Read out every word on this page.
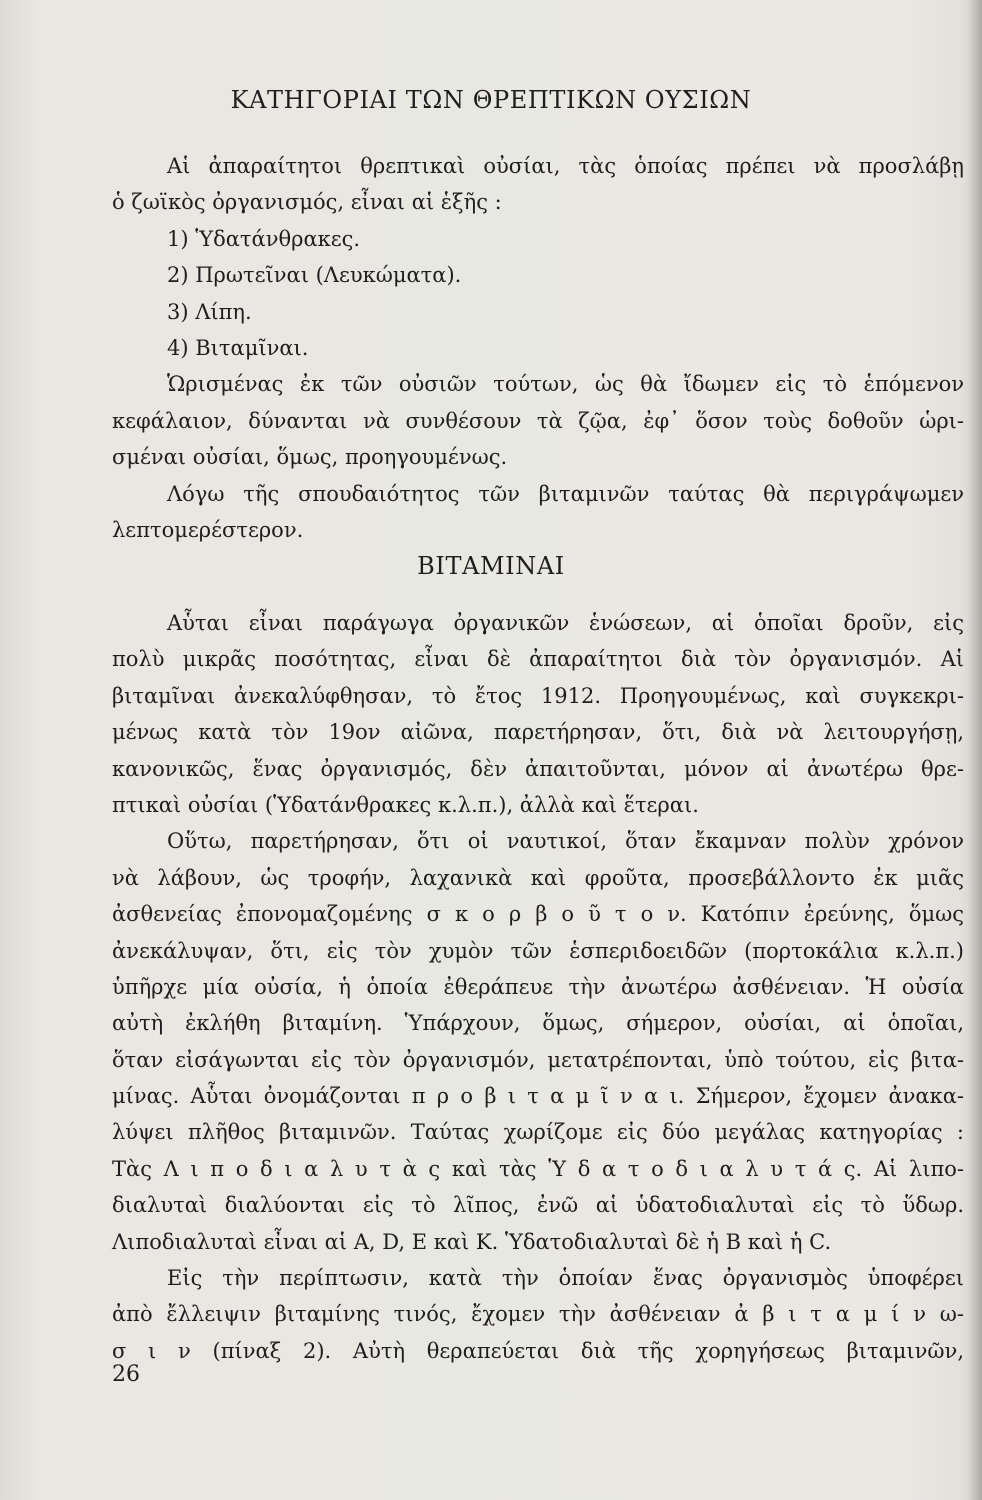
ΚΑΤΗΓΟΡΙΑΙ ΤΩΝ ΘΡΕΠΤΙΚΩΝ ΟΥΣΙΩΝ
Αἱ ἀπαραίτητοι θρεπτικαὶ οὐσίαι, τὰς ὁποίας πρέπει νὰ προσλάβῃ
ὁ ζωϊκὸς ὀργανισμός, εἶναι αἱ ἑξῆς :
1) Ὑδατάνθρακες.
2) Πρωτεῖναι (Λευκώματα).
3) Λίπη.
4) Βιταμῖναι.
Ὡρισμένας ἐκ τῶν οὐσιῶν τούτων, ὡς θὰ ἴδωμεν εἰς τὸ ἑπόμενον
κεφάλαιον, δύνανται νὰ συνθέσουν τὰ ζῷα, ἐφ᾽ ὅσον τοὺς δοθοῦν ὡρι-
σμέναι οὐσίαι, ὅμως, προηγουμένως.
Λόγω τῆς σπουδαιότητος τῶν βιταμινῶν ταύτας θὰ περιγράψωμεν
λεπτομερέστερον.
ΒΙΤΑΜΙΝΑΙ
Αὗται εἶναι παράγωγα ὀργανικῶν ἑνώσεων, αἱ ὁποῖαι δροῦν, εἰς
πολὺ μικρᾶς ποσότητας, εἶναι δὲ ἀπαραίτητοι διὰ τὸν ὀργανισμόν. Αἱ
βιταμῖναι ἀνεκαλύφθησαν, τὸ ἔτος 1912. Προηγουμένως, καὶ συγκεκρι-
μένως κατὰ τὸν 19ον αἰῶνα, παρετήρησαν, ὅτι, διὰ νὰ λειτουργήσῃ,
κανονικῶς, ἕνας ὀργανισμός, δὲν ἀπαιτοῦνται, μόνον αἱ ἀνωτέρω θρε-
πτικαὶ οὐσίαι (Ὑδατάνθρακες κ.λ.π.), ἀλλὰ καὶ ἕτεραι.
Οὕτω, παρετήρησαν, ὅτι οἱ ναυτικοί, ὅταν ἔκαμναν πολὺν χρόνον
νὰ λάβουν, ὡς τροφήν, λαχανικὰ καὶ φροῦτα, προσεβάλλοντο ἐκ μιᾶς
ἀσθενείας ἐπονομαζομένης σ κ ο ρ β ο ῦ τ ο ν. Κατόπιν ἐρεύνης, ὅμως
ἀνεκάλυψαν, ὅτι, εἰς τὸν χυμὸν τῶν ἑσπεριδοειδῶν (πορτοκάλια κ.λ.π.)
ὑπῆρχε μία οὐσία, ἡ ὁποία ἐθεράπευε τὴν ἀνωτέρω ἀσθένειαν. Ἡ οὐσία
αὐτὴ ἐκλήθη βιταμίνη. Ὑπάρχουν, ὅμως, σήμερον, οὐσίαι, αἱ ὁποῖαι,
ὅταν εἰσάγωνται εἰς τὸν ὀργανισμόν, μετατρέπονται, ὑπὸ τούτου, εἰς βιτα-
μίνας. Αὗται ὀνομάζονται π ρ ο β ι τ α μ ῖ ν α ι. Σήμερον, ἔχομεν ἀνακα-
λύψει πλῆθος βιταμινῶν. Ταύτας χωρίζομε εἰς δύο μεγάλας κατηγορίας :
Τὰς Λ ι π ο δ ι α λ υ τ ὰ ς καὶ τὰς Ὑ δ α τ ο δ ι α λ υ τ ά ς. Αἱ λιπο-
διαλυταὶ διαλύονται εἰς τὸ λῖπος, ἐνῶ αἱ ὑδατοδιαλυταὶ εἰς τὸ ὕδωρ.
Λιποδιαλυταὶ εἶναι αἱ A, D, E καὶ K. Ὑδατοδιαλυταὶ δὲ ἡ B καὶ ἡ C.
Εἰς τὴν περίπτωσιν, κατὰ τὴν ὁποίαν ἕνας ὀργανισμὸς ὑποφέρει
ἀπὸ ἔλλειψιν βιταμίνης τινός, ἔχομεν τὴν ἀσθένειαν ἀ β ι τ α μ ί ν ω-
σ ι ν (πίναξ 2). Αὐτὴ θεραπεύεται διὰ τῆς χορηγήσεως βιταμινῶν,

26
